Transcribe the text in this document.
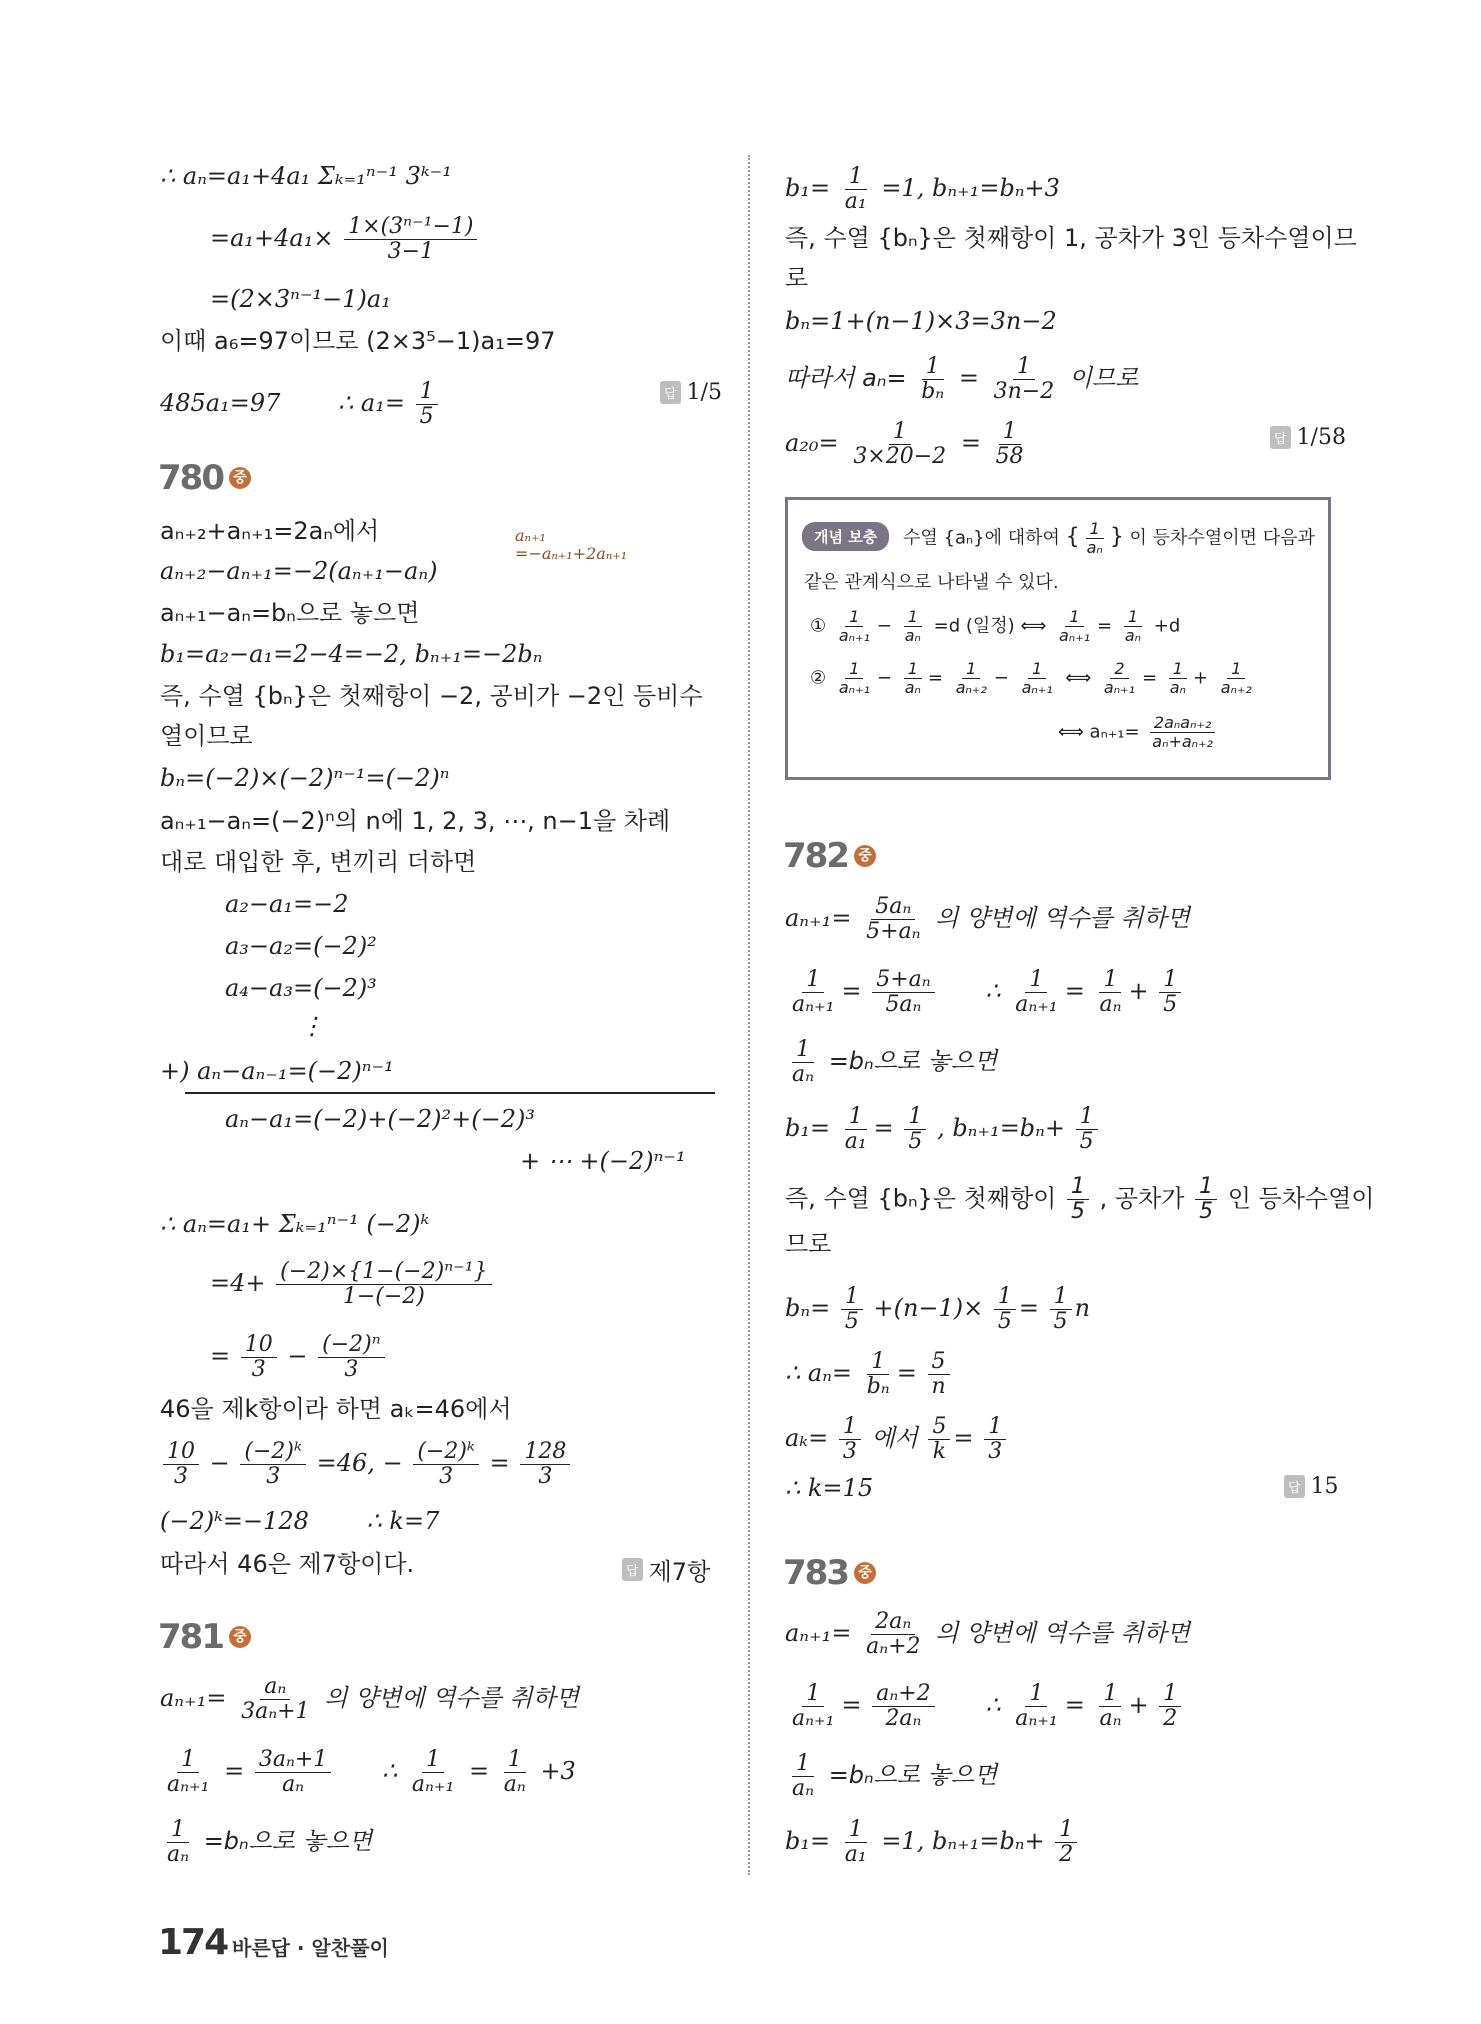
∴ aₙ=a₁+4a₁ Σₖ₌₁ⁿ⁻¹ 3ᵏ⁻¹
$=a_1+4a_1\times \frac{\text{1×(3ⁿ⁻¹−1)}}{3-1}$
=(2×3ⁿ⁻¹−1)a₁
이때 a₆=97이므로 (2×3⁵−1)a₁=97
485a₁=97 ∴ $a_1= \frac{1}{5}$	답 1/5
780 중
aₙ₊₂+aₙ₊₁=2aₙ에서
aₙ₊₂−aₙ₊₁=−2(aₙ₊₁−aₙ)
aₙ₊₁
=−aₙ₊₁+2aₙ₊₁
aₙ₊₁−aₙ=bₙ으로 놓으면
b₁=a₂−a₁=2−4=−2, bₙ₊₁=−2bₙ
즉, 수열 {bₙ}은 첫째항이 −2, 공비가 −2인 등비수
열이므로
bₙ=(−2)×(−2)ⁿ⁻¹=(−2)ⁿ
aₙ₊₁−aₙ=(−2)ⁿ의 n에 1, 2, 3, ⋯, n−1을 차례
대로 대입한 후, 변끼리 더하면
a₂−a₁=−2
a₃−a₂=(−2)²
a₄−a₃=(−2)³
⋮
+) aₙ−aₙ₋₁=(−2)ⁿ⁻¹
aₙ−a₁=(−2)+(−2)²+(−2)³
+ ⋯ +(−2)ⁿ⁻¹
∴ aₙ=a₁+ Σₖ₌₁ⁿ⁻¹ (−2)ᵏ
$=4+ \frac{\text{(−2)×\{1−(−2)ⁿ⁻¹\}}}{1-(-2)}$
= $\frac{10}{3} - \frac{\text{(−2)ⁿ}}{3}$
46을 제k항이라 하면 aₖ=46에서
$\frac{10}{3} - \frac{\text{(−2)ᵏ}}{3} =46$, − $\frac{\text{(−2)ᵏ}}{3} = \frac{128}{3}$
(−2)ᵏ=−128 ∴ k=7
따라서 46은 제7항이다.	답 제7항
781 중
$a_{n+1}= \frac{\text{aₙ}}{\text{3aₙ+1}}$ 의 양변에 역수를 취하면
$\frac{1}{\text{aₙ₊₁}} = \frac{\text{3aₙ+1}}{\text{aₙ}}$ ∴ $\frac{1}{\text{aₙ₊₁}} = \frac{1}{\text{aₙ}} +3$
$\frac{1}{\text{aₙ}} =b_n$으로 놓으면
$b_1= \frac{1}{\text{a₁}} =1$, bₙ₊₁=bₙ+3
즉, 수열 {bₙ}은 첫째항이 1, 공차가 3인 등차수열이므
로
bₙ=1+(n−1)×3=3n−2
따라서 $a_n= \frac{1}{\text{bₙ}} = \frac{1}{3n-2}$ 이므로
$a_{20}= \frac{1}{3\times 20-2} = \frac{1}{58}$	답 1/58
개념 보충	수열 {aₙ}에 대하여 { $\frac{1}{\text{aₙ}}$ } 이 등차수열이면 다음과
같은 관계식으로 나타낼 수 있다.
① $\frac{1}{\text{aₙ₊₁}} - \frac{1}{\text{aₙ}} =d$ (일정) ⟺ $\frac{1}{\text{aₙ₊₁}} = \frac{1}{\text{aₙ}} +d$
② $\frac{1}{\text{aₙ₊₁}} - \frac{1}{\text{aₙ}} = \frac{1}{\text{aₙ₊₂}} - \frac{1}{\text{aₙ₊₁}}$ ⟺ $\frac{2}{\text{aₙ₊₁}} = \frac{1}{\text{aₙ}} + \frac{1}{\text{aₙ₊₂}}$
⟺ $a_{n+1}= \frac{\text{2aₙaₙ₊₂}}{\text{aₙ+aₙ₊₂}}$
782 중
$a_{n+1}= \frac{\text{5aₙ}}{\text{5+aₙ}}$ 의 양변에 역수를 취하면
$\frac{1}{\text{aₙ₊₁}} = \frac{\text{5+aₙ}}{\text{5aₙ}}$ ∴ $\frac{1}{\text{aₙ₊₁}} = \frac{1}{\text{aₙ}} + \frac{1}{5}$
$\frac{1}{\text{aₙ}} =b_n$으로 놓으면
$b_1= \frac{1}{\text{a₁}} = \frac{1}{5}$ , $b_{n+1}=b_n+ \frac{1}{5}$
즉, 수열 {bₙ}은 첫째항이 $\frac{1}{5}$ , 공차가 $\frac{1}{5}$ 인 등차수열이
므로
$b_n= \frac{1}{5} +(n-1)\times \frac{1}{5} = \frac{1}{5}$ n
∴ $a_n= \frac{1}{\text{bₙ}} = \frac{5}{n}$
$a_k= \frac{1}{3}$ 에서 $\frac{5}{k} = \frac{1}{3}$
∴ k=15	답 15
783 중
$a_{n+1}= \frac{\text{2aₙ}}{\text{aₙ+2}}$ 의 양변에 역수를 취하면
$\frac{1}{\text{aₙ₊₁}} = \frac{\text{aₙ+2}}{\text{2aₙ}}$ ∴ $\frac{1}{\text{aₙ₊₁}} = \frac{1}{\text{aₙ}} + \frac{1}{2}$
$\frac{1}{\text{aₙ}} =b_n$으로 놓으면
$b_1= \frac{1}{\text{a₁}} =1$, $b_{n+1}=b_n+ \frac{1}{2}$
174 바른답 · 알찬풀이
